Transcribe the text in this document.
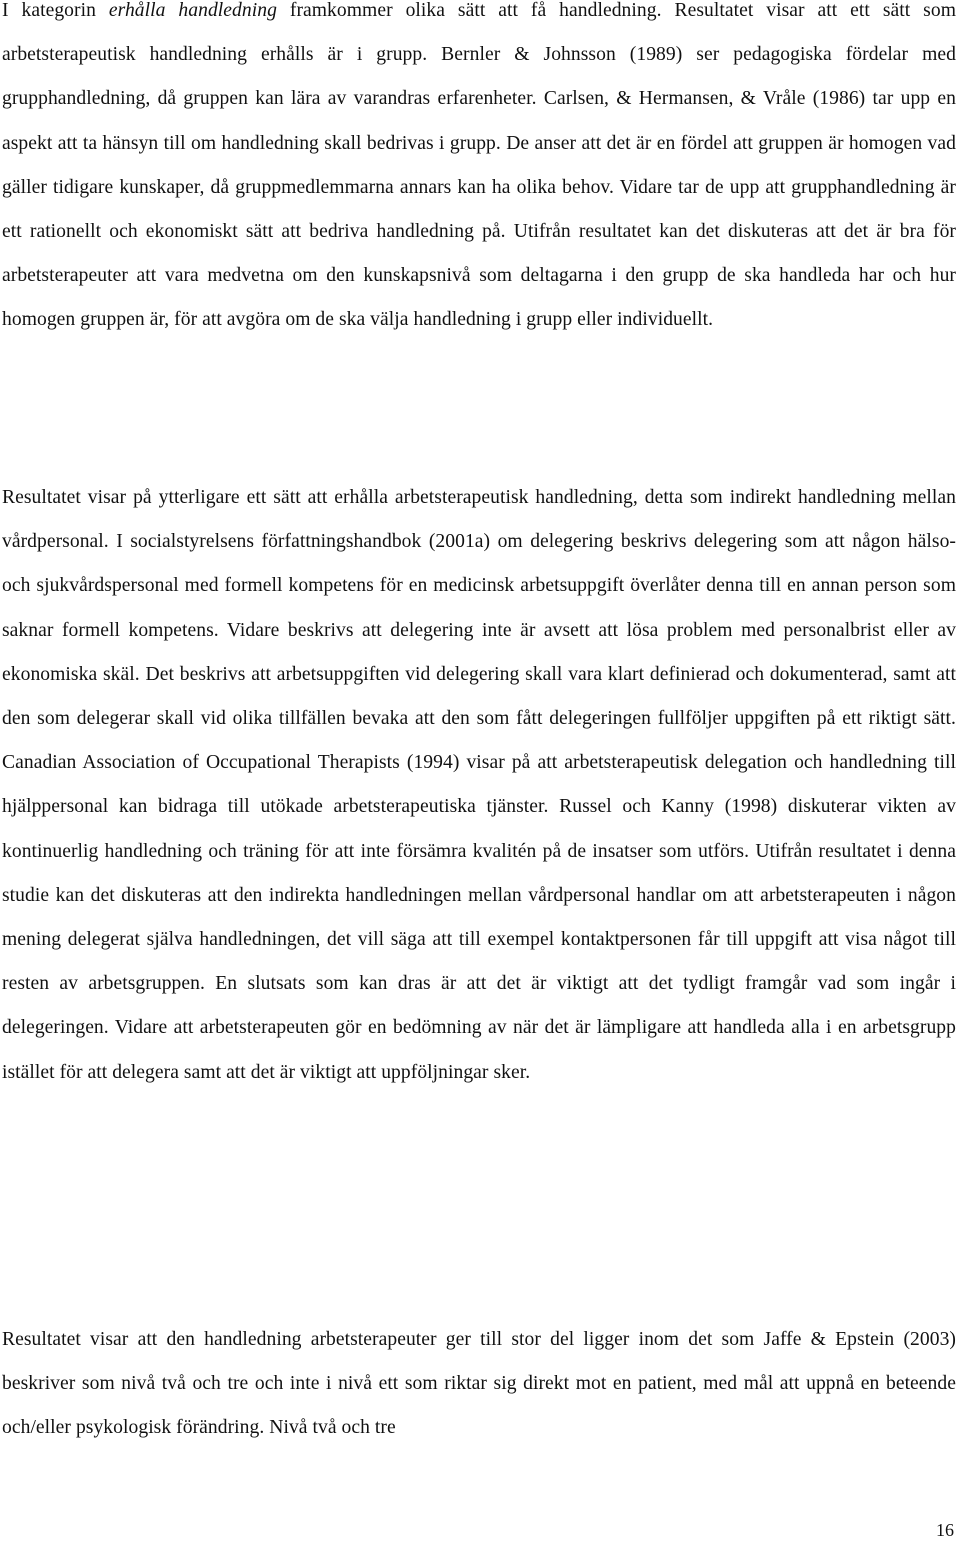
I kategorin erhålla handledning framkommer olika sätt att få handledning. Resultatet visar att ett sätt som arbetsterapeutisk handledning erhålls är i grupp. Bernler & Johnsson (1989) ser pedagogiska fördelar med grupphandledning, då gruppen kan lära av varandras erfarenheter. Carlsen, & Hermansen, & Vråle (1986) tar upp en aspekt att ta hänsyn till om handledning skall bedrivas i grupp. De anser att det är en fördel att gruppen är homogen vad gäller tidigare kunskaper, då gruppmedlemmarna annars kan ha olika behov. Vidare tar de upp att grupphandledning är ett rationellt och ekonomiskt sätt att bedriva handledning på. Utifrån resultatet kan det diskuteras att det är bra för arbetsterapeuter att vara medvetna om den kunskapsnivå som deltagarna i den grupp de ska handleda har och hur homogen gruppen är, för att avgöra om de ska välja handledning i grupp eller individuellt.

Resultatet visar på ytterligare ett sätt att erhålla arbetsterapeutisk handledning, detta som indirekt handledning mellan vårdpersonal. I socialstyrelsens författningshandbok (2001a) om delegering beskrivs delegering som att någon hälso- och sjukvårdspersonal med formell kompetens för en medicinsk arbetsuppgift överlåter denna till en annan person som saknar formell kompetens. Vidare beskrivs att delegering inte är avsett att lösa problem med personalbrist eller av ekonomiska skäl. Det beskrivs att arbetsuppgiften vid delegering skall vara klart definierad och dokumenterad, samt att den som delegerar skall vid olika tillfällen bevaka att den som fått delegeringen fullföljer uppgiften på ett riktigt sätt. Canadian Association of Occupational Therapists (1994) visar på att arbetsterapeutisk delegation och handledning till hjälppersonal kan bidraga till utökade arbetsterapeutiska tjänster. Russel och Kanny (1998) diskuterar vikten av kontinuerlig handledning och träning för att inte försämra kvalitén på de insatser som utförs. Utifrån resultatet i denna studie kan det diskuteras att den indirekta handledningen mellan vårdpersonal handlar om att arbetsterapeuten i någon mening delegerat själva handledningen, det vill säga att till exempel kontaktpersonen får till uppgift att visa något till resten av arbetsgruppen. En slutsats som kan dras är att det är viktigt att det tydligt framgår vad som ingår i delegeringen. Vidare att arbetsterapeuten gör en bedömning av när det är lämpligare att handleda alla i en arbetsgrupp istället för att delegera samt att det är viktigt att uppföljningar sker.

Resultatet visar att den handledning arbetsterapeuter ger till stor del ligger inom det som Jaffe & Epstein (2003) beskriver som nivå två och tre och inte i nivå ett som riktar sig direkt mot en patient, med mål att uppnå en beteende och/eller psykologisk förändring. Nivå två och tre

16
